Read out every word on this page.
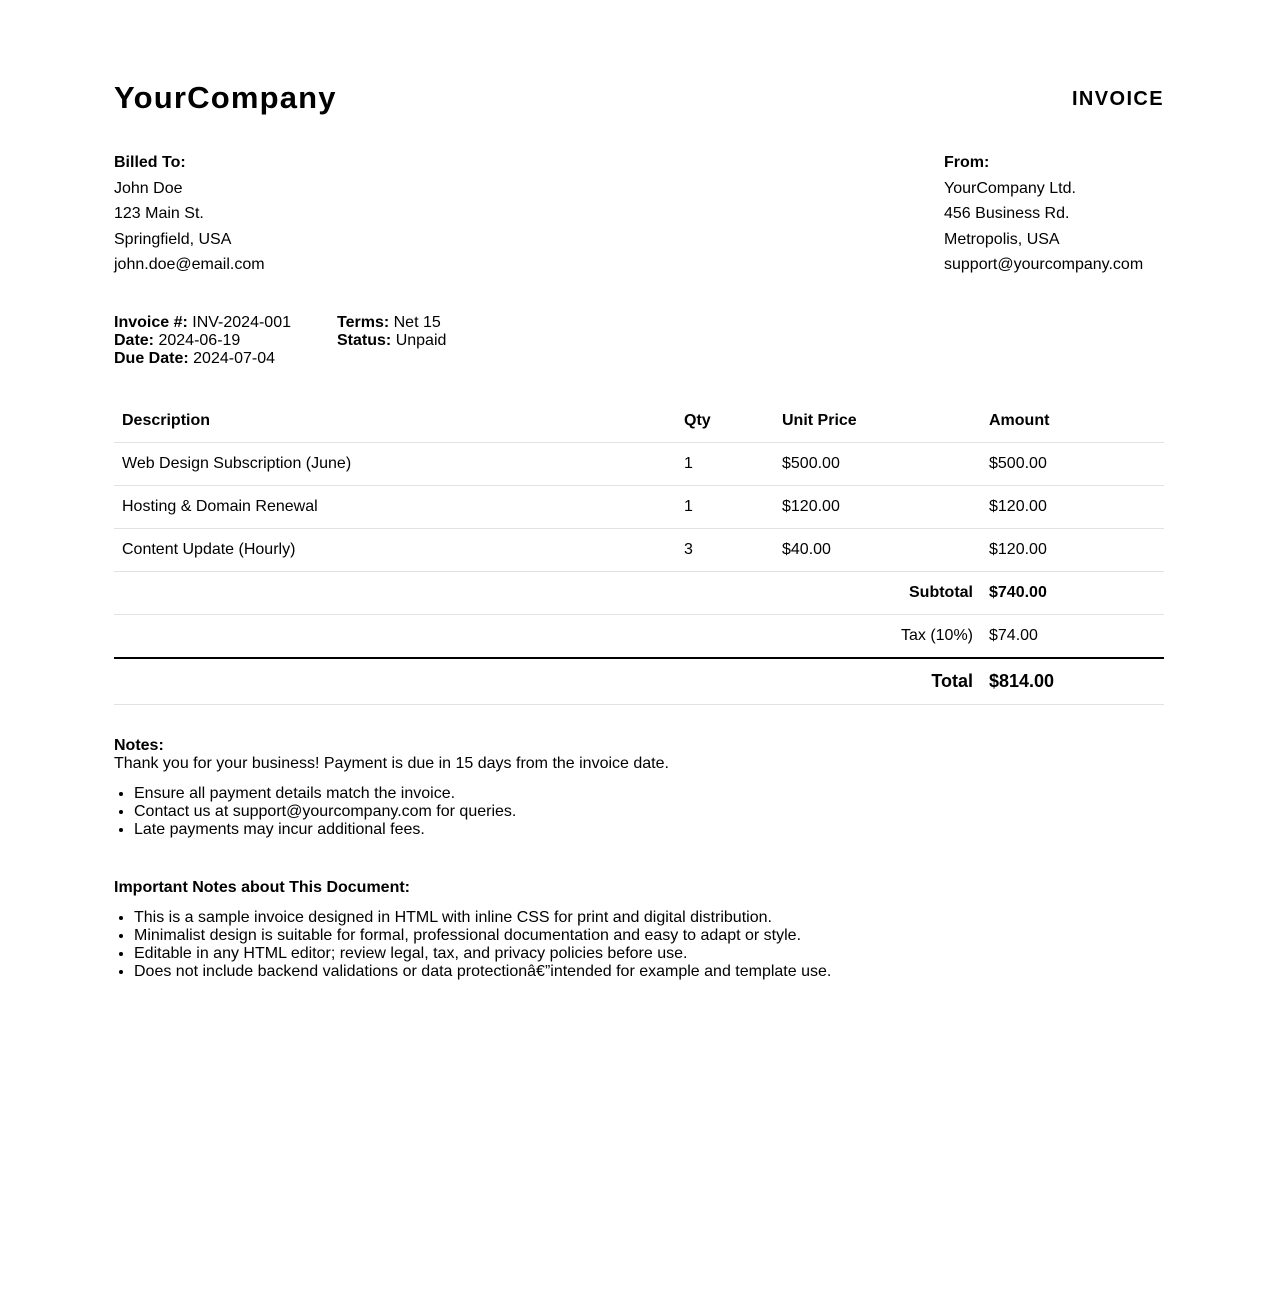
YourCompany	INVOICE
Billed To:
John Doe
123 Main St.
Springfield, USA
john.doe@email.com
From:
YourCompany Ltd.
456 Business Rd.
Metropolis, USA
support@yourcompany.com
Invoice #: INV-2024-001
Date: 2024-06-19
Due Date: 2024-07-04
Terms: Net 15
Status: Unpaid
Description	Qty	Unit Price	Amount
Web Design Subscription (June)	1	$500.00	$500.00
Hosting & Domain Renewal	1	$120.00	$120.00
Content Update (Hourly)	3	$40.00	$120.00
Subtotal			$740.00
Tax (10%)			$74.00
Total			$814.00
Notes:
Thank you for your business! Payment is due in 15 days from the invoice date.
• Ensure all payment details match the invoice.
• Contact us at support@yourcompany.com for queries.
• Late payments may incur additional fees.
Important Notes about This Document:
• This is a sample invoice designed in HTML with inline CSS for print and digital distribution.
• Minimalist design is suitable for formal, professional documentation and easy to adapt or style.
• Editable in any HTML editor; review legal, tax, and privacy policies before use.
• Does not include backend validations or data protectionâ€”intended for example and template use.
